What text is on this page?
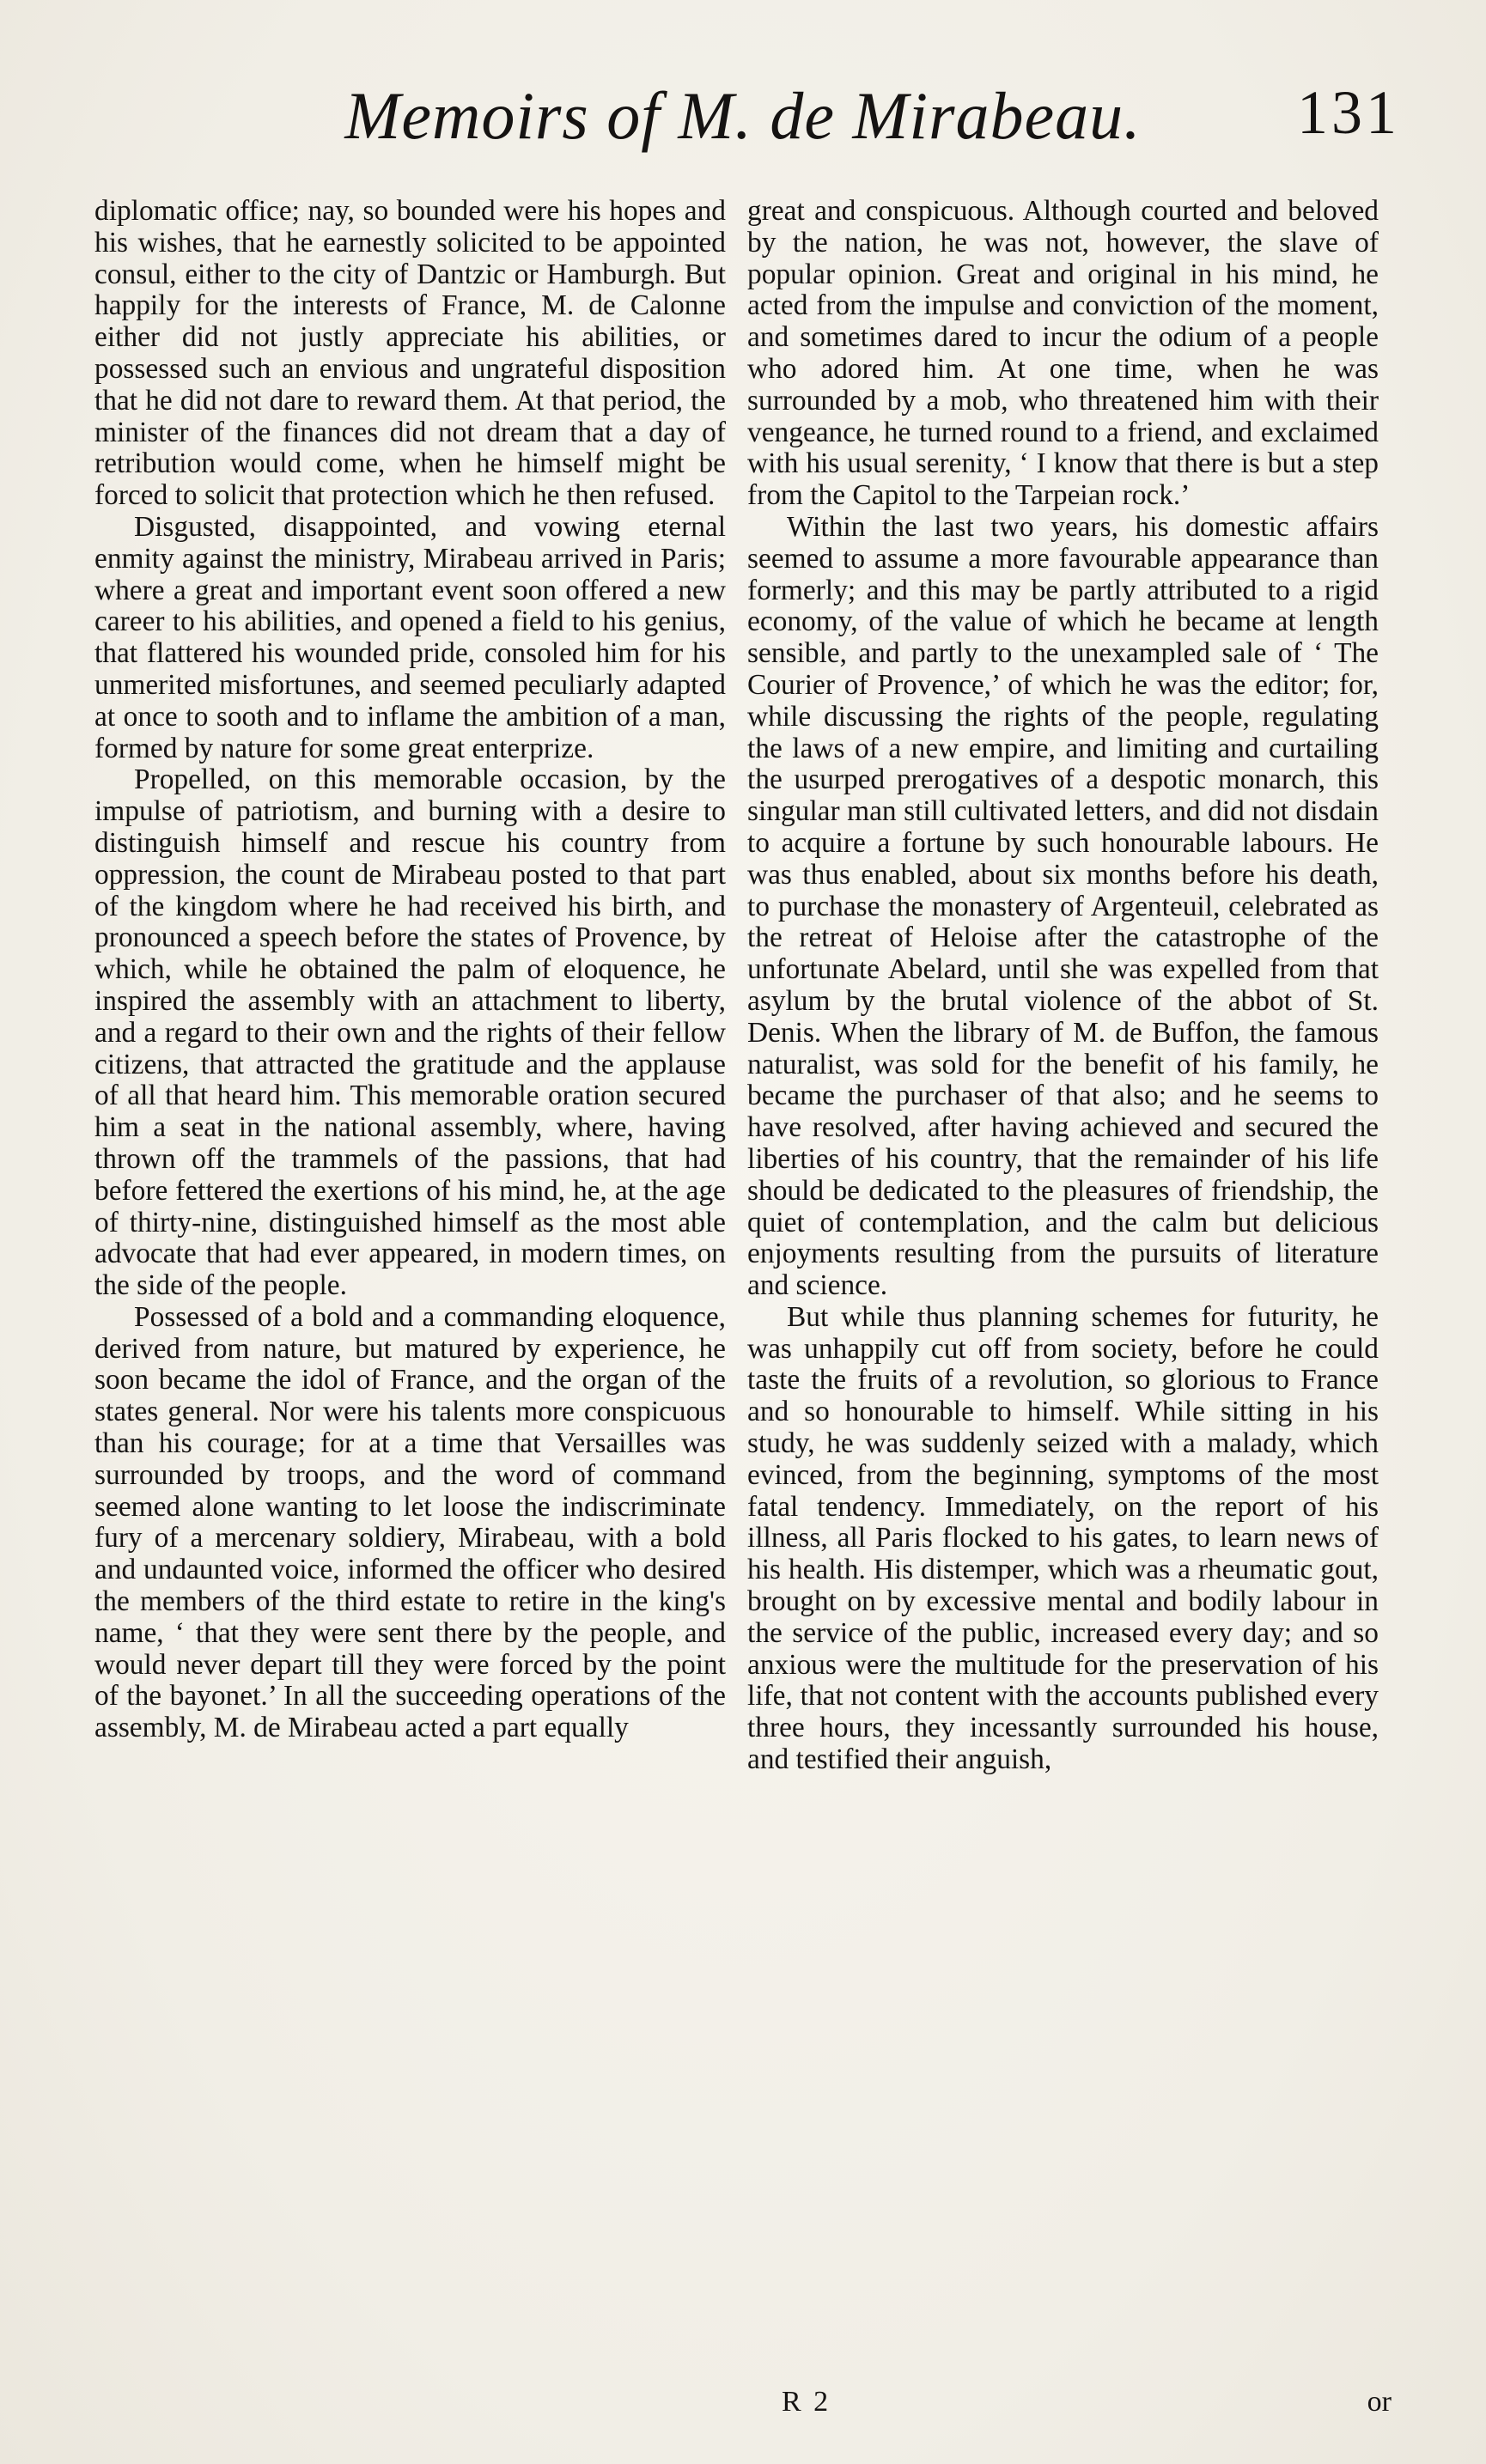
Memoirs of M. de Mirabeau.	131

diplomatic office; nay, so bounded were his hopes and his wishes, that he earnestly solicited to be appointed consul, either to the city of Dantzic or Hamburgh. But happily for the interests of France, M. de Calonne either did not justly appreciate his abilities, or possessed such an envious and ungrateful disposition that he did not dare to reward them. At that period, the minister of the finances did not dream that a day of retribution would come, when he himself might be forced to solicit that protection which he then refused.

Disgusted, disappointed, and vowing eternal enmity against the ministry, Mirabeau arrived in Paris; where a great and important event soon offered a new career to his abilities, and opened a field to his genius, that flattered his wounded pride, consoled him for his unmerited misfortunes, and seemed peculiarly adapted at once to sooth and to inflame the ambition of a man, formed by nature for some great enterprize.

Propelled, on this memorable occasion, by the impulse of patriotism, and burning with a desire to distinguish himself and rescue his country from oppression, the count de Mirabeau posted to that part of the kingdom where he had received his birth, and pronounced a speech before the states of Provence, by which, while he obtained the palm of eloquence, he inspired the assembly with an attachment to liberty, and a regard to their own and the rights of their fellow citizens, that attracted the gratitude and the applause of all that heard him. This memorable oration secured him a seat in the national assembly, where, having thrown off the trammels of the passions, that had before fettered the exertions of his mind, he, at the age of thirty-nine, distinguished himself as the most able advocate that had ever appeared, in modern times, on the side of the people.

Possessed of a bold and a commanding eloquence, derived from nature, but matured by experience, he soon became the idol of France, and the organ of the states general. Nor were his talents more conspicuous than his courage; for at a time that Versailles was surrounded by troops, and the word of command seemed alone wanting to let loose the indiscriminate fury of a mercenary soldiery, Mirabeau, with a bold and undaunted voice, informed the officer who desired the members of the third estate to retire in the king's name, ‘ that they were sent there by the people, and would never depart till they were forced by the point of the bayonet.’ In all the succeeding operations of the assembly, M. de Mirabeau acted a part equally

great and conspicuous. Although courted and beloved by the nation, he was not, however, the slave of popular opinion. Great and original in his mind, he acted from the impulse and conviction of the moment, and sometimes dared to incur the odium of a people who adored him. At one time, when he was surrounded by a mob, who threatened him with their vengeance, he turned round to a friend, and exclaimed with his usual serenity, ‘ I know that there is but a step from the Capitol to the Tarpeian rock.’

Within the last two years, his domestic affairs seemed to assume a more favourable appearance than formerly; and this may be partly attributed to a rigid economy, of the value of which he became at length sensible, and partly to the unexampled sale of ‘ The Courier of Provence,’ of which he was the editor; for, while discussing the rights of the people, regulating the laws of a new empire, and limiting and curtailing the usurped prerogatives of a despotic monarch, this singular man still cultivated letters, and did not disdain to acquire a fortune by such honourable labours. He was thus enabled, about six months before his death, to purchase the monastery of Argenteuil, celebrated as the retreat of Heloise after the catastrophe of the unfortunate Abelard, until she was expelled from that asylum by the brutal violence of the abbot of St. Denis. When the library of M. de Buffon, the famous naturalist, was sold for the benefit of his family, he became the purchaser of that also; and he seems to have resolved, after having achieved and secured the liberties of his country, that the remainder of his life should be dedicated to the pleasures of friendship, the quiet of contemplation, and the calm but delicious enjoyments resulting from the pursuits of literature and science.

But while thus planning schemes for futurity, he was unhappily cut off from society, before he could taste the fruits of a revolution, so glorious to France and so honourable to himself. While sitting in his study, he was suddenly seized with a malady, which evinced, from the beginning, symptoms of the most fatal tendency. Immediately, on the report of his illness, all Paris flocked to his gates, to learn news of his health. His distemper, which was a rheumatic gout, brought on by excessive mental and bodily labour in the service of the public, increased every day; and so anxious were the multitude for the preservation of his life, that not content with the accounts published every three hours, they incessantly surrounded his house, and testified their anguish,

R 2	or
